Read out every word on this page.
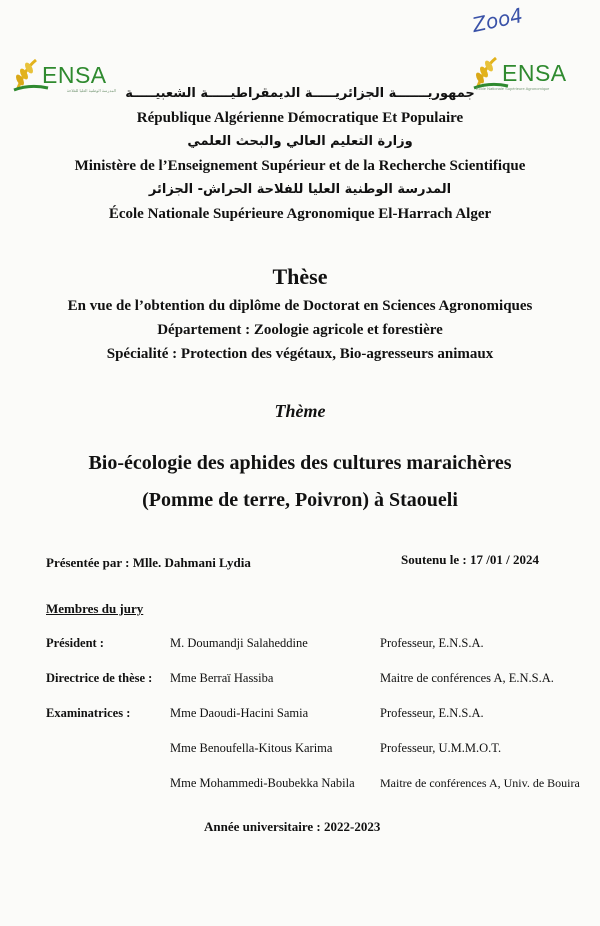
Zoo4
ENSA
المدرسة الوطنية العليا للفلاحة
ENSA
École Nationale Supérieure Agronomique
جمهوريـــــــة الجزائريـــــة الديمقراطيـــــة الشعبيـــــة
République Algérienne Démocratique Et Populaire
وزارة التعليم العالي والبحث العلمي
Ministère de l’Enseignement Supérieur et de la Recherche Scientifique
المدرسة الوطنية العليا للفلاحة الحراش- الجزائر
École Nationale Supérieure Agronomique El-Harrach Alger
Thèse
En vue de l’obtention du diplôme de Doctorat en Sciences Agronomiques
Département : Zoologie agricole et forestière
Spécialité : Protection des végétaux, Bio-agresseurs animaux
Thème
Bio-écologie des aphides des cultures maraichères
(Pomme de terre, Poivron) à Staoueli
Présentée par : Mlle. Dahmani Lydia	Soutenu le : 17 /01 / 2024
Membres du jury
Président :	M. Doumandji Salaheddine	Professeur, E.N.S.A.
Directrice de thèse : Mme Berraï Hassiba	Maitre de conférences A, E.N.S.A.
Examinatrices :	Mme Daoudi-Hacini Samia	Professeur, E.N.S.A.
Mme Benoufella-Kitous Karima	Professeur, U.M.M.O.T.
Mme Mohammedi-Boubekka Nabila Maitre de conférences A, Univ. de Bouira
Année universitaire : 2022-2023
